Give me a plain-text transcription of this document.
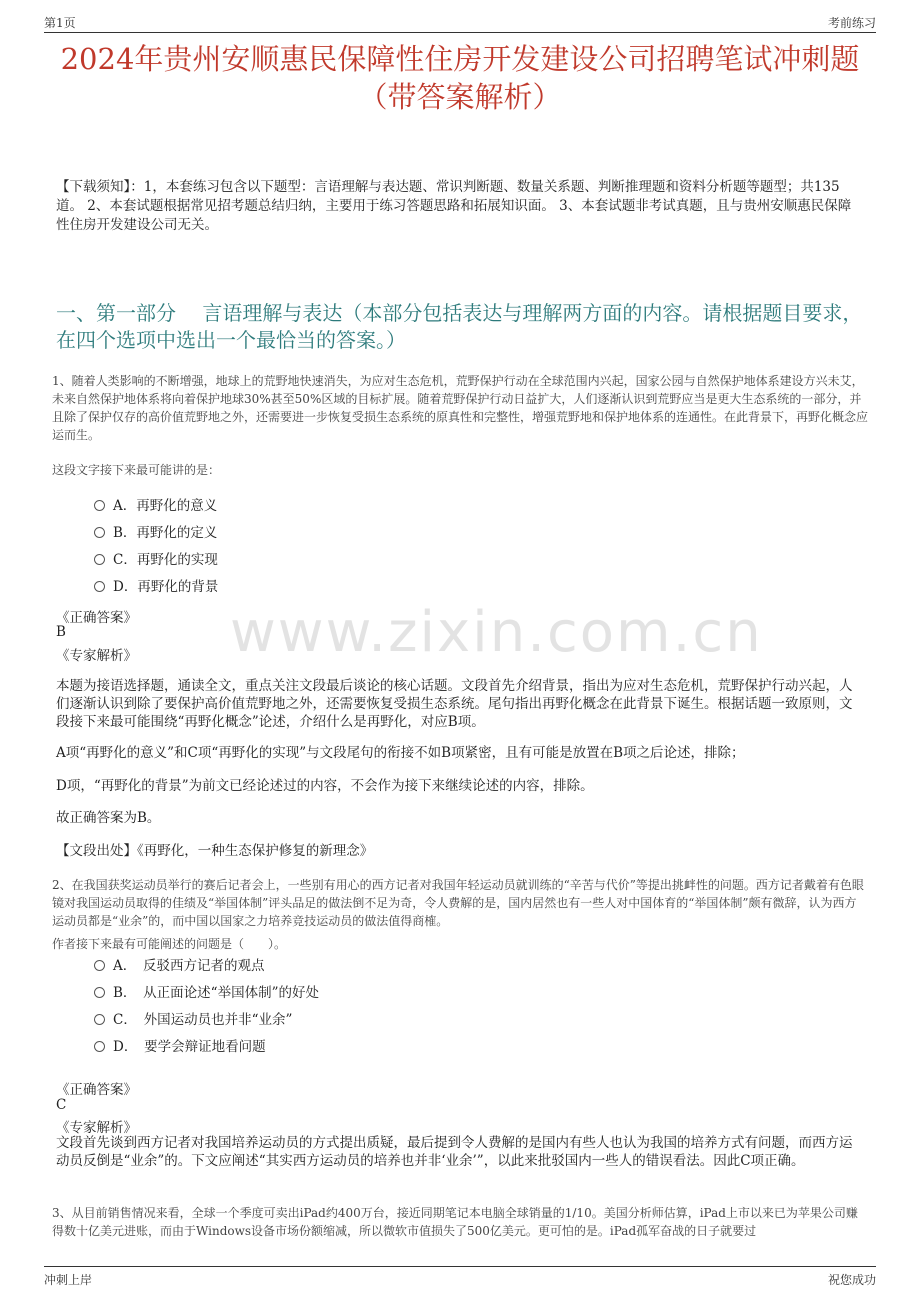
第1页	考前练习
2024年贵州安顺惠民保障性住房开发建设公司招聘笔试冲刺题（带答案解析）
【下载须知】：1，本套练习包含以下题型：言语理解与表达题、常识判断题、数量关系题、判断推理题和资料分析题等题型；共135道。 2、本套试题根据常见招考题总结归纳，主要用于练习答题思路和拓展知识面。 3、本套试题非考试真题，且与贵州安顺惠民保障性住房开发建设公司无关。
一、第一部分　 言语理解与表达（本部分包括表达与理解两方面的内容。请根据题目要求，在四个选项中选出一个最恰当的答案。）
1、随着人类影响的不断增强，地球上的荒野地快速消失，为应对生态危机，荒野保护行动在全球范围内兴起，国家公园与自然保护地体系建设方兴未艾，未来自然保护地体系将向着保护地球30%甚至50%区域的目标扩展。随着荒野保护行动日益扩大，人们逐渐认识到荒野应当是更大生态系统的一部分，并且除了保护仅存的高价值荒野地之外，还需要进一步恢复受损生态系统的原真性和完整性，增强荒野地和保护地体系的连通性。在此背景下，再野化概念应运而生。
这段文字接下来最可能讲的是：
A．再野化的意义
B．再野化的定义
C．再野化的实现
D．再野化的背景
《正确答案》
B
《专家解析》 www.zixin.com.cn
本题为接语选择题，通读全文，重点关注文段最后谈论的核心话题。文段首先介绍背景，指出为应对生态危机，荒野保护行动兴起，人们逐渐认识到除了要保护高价值荒野地之外，还需要恢复受损生态系统。尾句指出再野化概念在此背景下诞生。根据话题一致原则，文段接下来最可能围绕“再野化概念”论述，介绍什么是再野化，对应B项。
A项“再野化的意义”和C项“再野化的实现”与文段尾句的衔接不如B项紧密，且有可能是放置在B项之后论述，排除；
D项，“再野化的背景”为前文已经论述过的内容，不会作为接下来继续论述的内容，排除。
故正确答案为B。
【文段出处】《再野化，一种生态保护修复的新理念》
2、在我国获奖运动员举行的赛后记者会上，一些别有用心的西方记者对我国年轻运动员就训练的“辛苦与代价”等提出挑衅性的问题。西方记者戴着有色眼镜对我国运动员取得的佳绩及“举国体制”评头品足的做法倒不足为奇，令人费解的是，国内居然也有一些人对中国体育的“举国体制”颇有微辞，认为西方运动员都是“业余”的，而中国以国家之力培养竞技运动员的做法值得商榷。
作者接下来最有可能阐述的问题是（　　）。
A．　反驳西方记者的观点
B．　从正面论述“举国体制”的好处
C．　外国运动员也并非“业余”
D．　要学会辩证地看问题
《正确答案》
C
《专家解析》
文段首先谈到西方记者对我国培养运动员的方式提出质疑，最后提到令人费解的是国内有些人也认为我国的培养方式有问题，而西方运动员反倒是“业余”的。下文应阐述“其实西方运动员的培养也并非‘业余’”，以此来批驳国内一些人的错误看法。因此C项正确。
3、从目前销售情况来看，全球一个季度可卖出iPad约400万台，接近同期笔记本电脑全球销量的1/10。美国分析师估算，iPad上市以来已为苹果公司赚得数十亿美元进账，而由于Windows设备市场份额缩减，所以微软市值损失了500亿美元。更可怕的是。iPad孤军奋战的日子就要过
冲刺上岸	祝您成功
